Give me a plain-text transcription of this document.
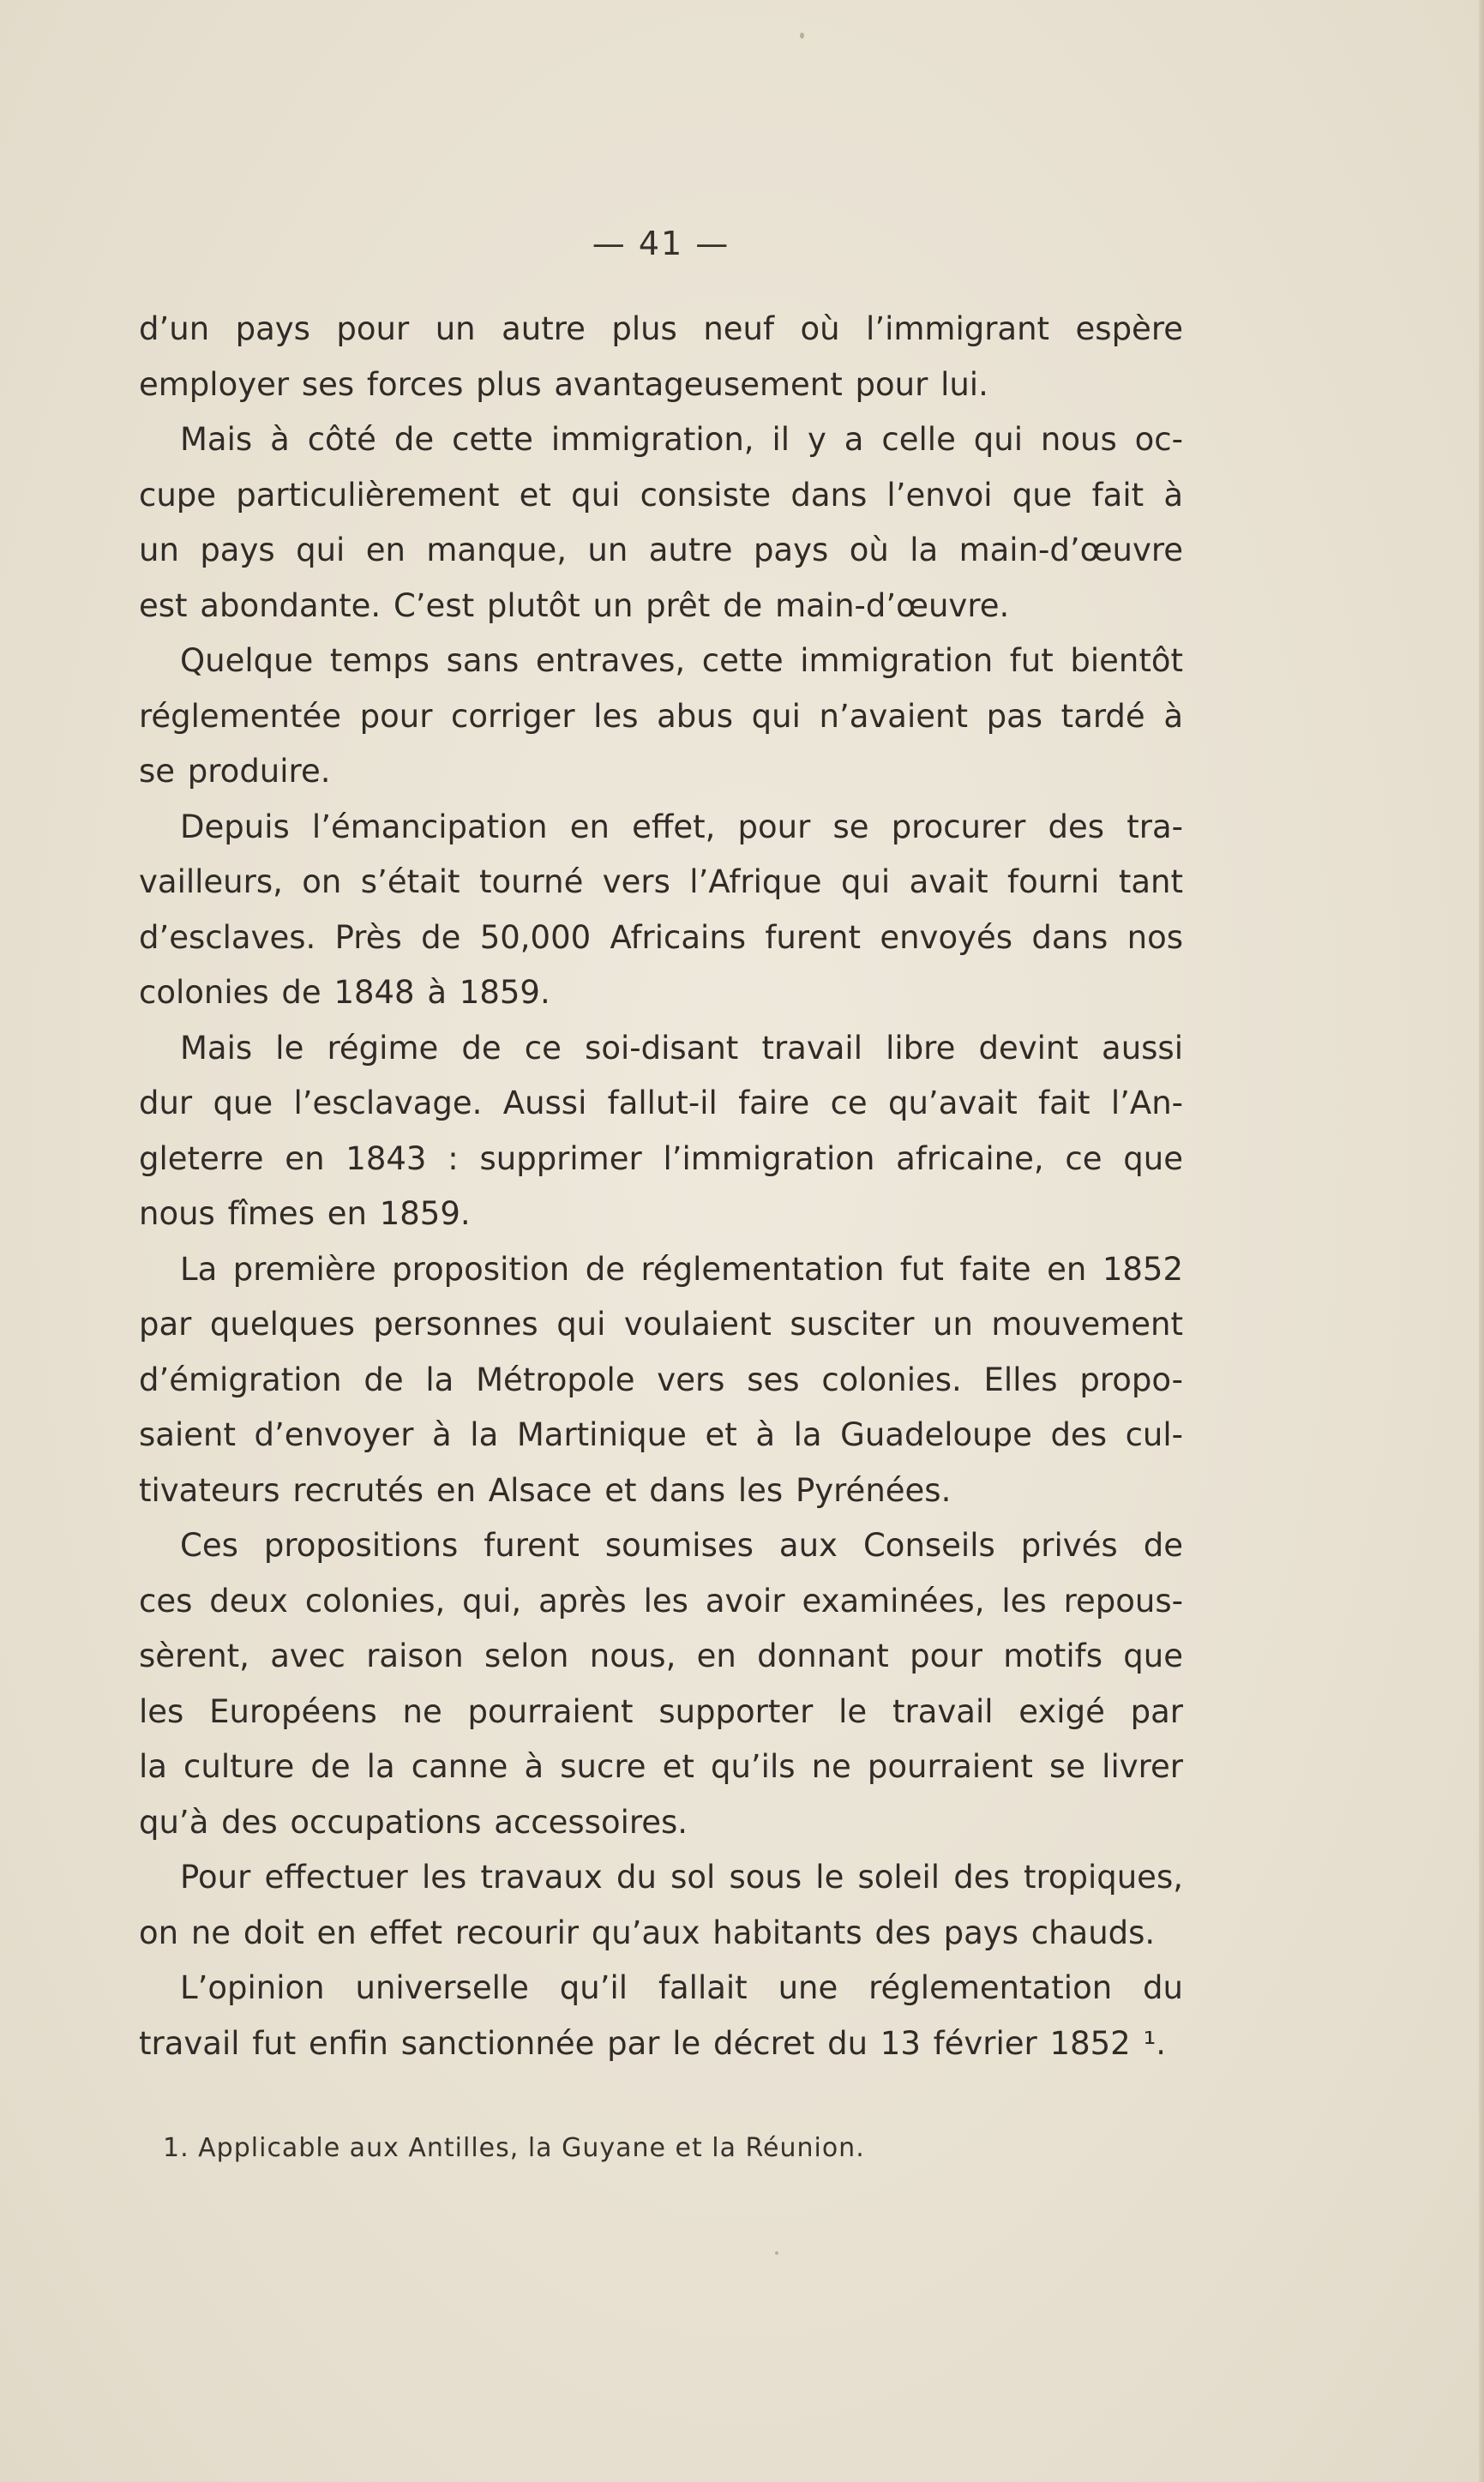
— 41 —
d’un pays pour un autre plus neuf où l’immigrant espère
employer ses forces plus avantageusement pour lui.
Mais à côté de cette immigration, il y a celle qui nous oc-
cupe particulièrement et qui consiste dans l’envoi que fait à
un pays qui en manque, un autre pays où la main-d’œuvre
est abondante. C’est plutôt un prêt de main-d’œuvre.
Quelque temps sans entraves, cette immigration fut bientôt
réglementée pour corriger les abus qui n’avaient pas tardé à
se produire.
Depuis l’émancipation en effet, pour se procurer des tra-
vailleurs, on s’était tourné vers l’Afrique qui avait fourni tant
d’esclaves. Près de 50,000 Africains furent envoyés dans nos
colonies de 1848 à 1859.
Mais le régime de ce soi-disant travail libre devint aussi
dur que l’esclavage. Aussi fallut-il faire ce qu’avait fait l’An-
gleterre en 1843 : supprimer l’immigration africaine, ce que
nous fîmes en 1859.
La première proposition de réglementation fut faite en 1852
par quelques personnes qui voulaient susciter un mouvement
d’émigration de la Métropole vers ses colonies. Elles propo-
saient d’envoyer à la Martinique et à la Guadeloupe des cul-
tivateurs recrutés en Alsace et dans les Pyrénées.
Ces propositions furent soumises aux Conseils privés de
ces deux colonies, qui, après les avoir examinées, les repous-
sèrent, avec raison selon nous, en donnant pour motifs que
les Européens ne pourraient supporter le travail exigé par
la culture de la canne à sucre et qu’ils ne pourraient se livrer
qu’à des occupations accessoires.
Pour effectuer les travaux du sol sous le soleil des tropiques,
on ne doit en effet recourir qu’aux habitants des pays chauds.
L’opinion universelle qu’il fallait une réglementation du
travail fut enfin sanctionnée par le décret du 13 février 1852 ¹.
1. Applicable aux Antilles, la Guyane et la Réunion.
